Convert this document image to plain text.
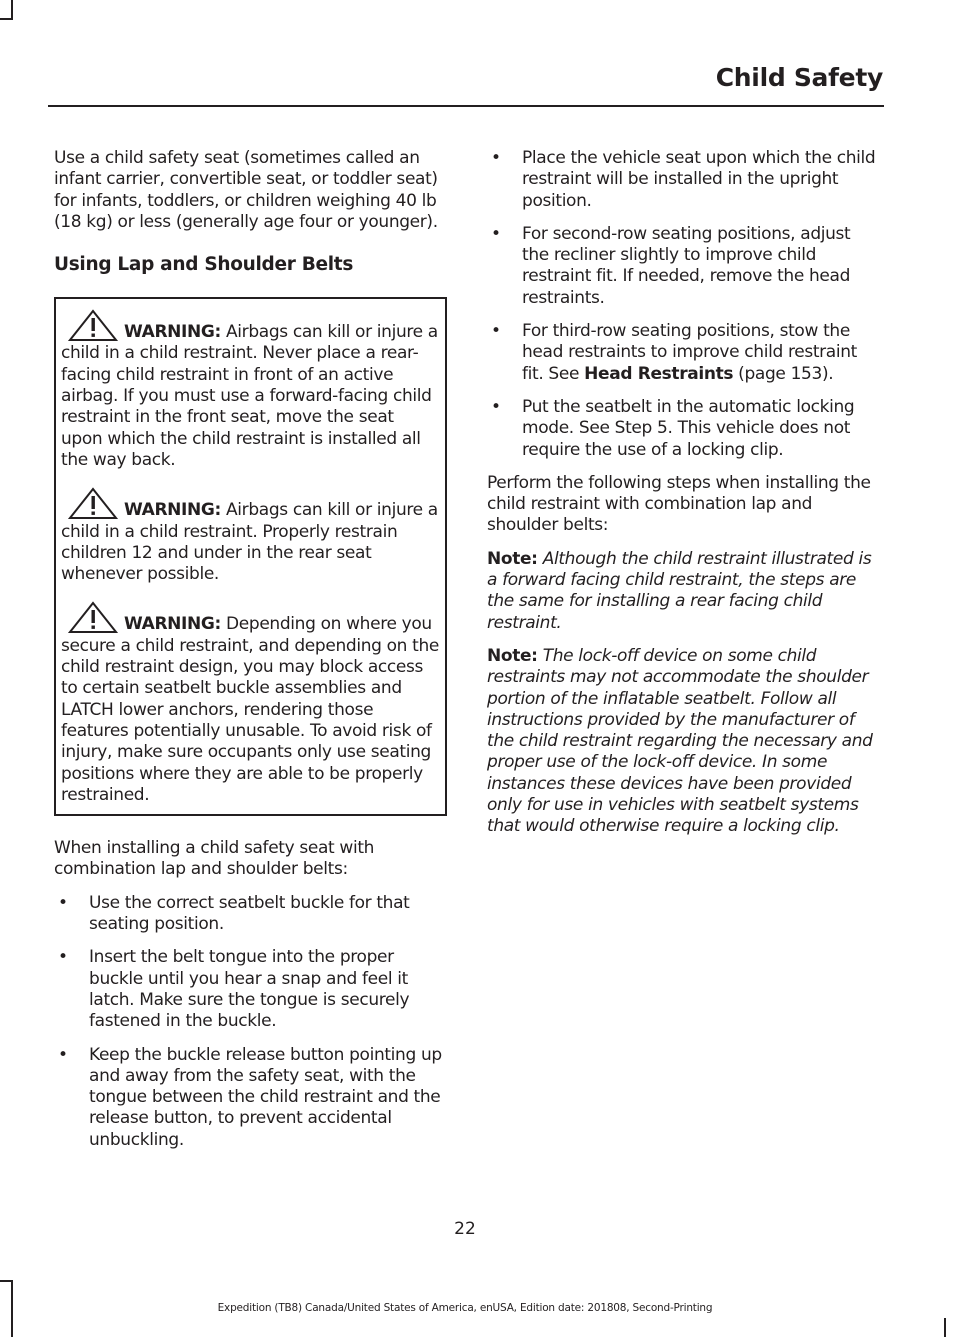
Child Safety

Use a child safety seat (sometimes called an infant carrier, convertible seat, or toddler seat) for infants, toddlers, or children weighing 40 lb (18 kg) or less (generally age four or younger).

Using Lap and Shoulder Belts
WARNING: Airbags can kill or injure a child in a child restraint. Never place a rear-facing child restraint in front of an active airbag. If you must use a forward-facing child restraint in the front seat, move the seat upon which the child restraint is installed all the way back.
WARNING: Airbags can kill or injure a child in a child restraint. Properly restrain children 12 and under in the rear seat whenever possible.
WARNING: Depending on where you secure a child restraint, and depending on the child restraint design, you may block access to certain seatbelt buckle assemblies and LATCH lower anchors, rendering those features potentially unusable. To avoid risk of injury, make sure occupants only use seating positions where they are able to be properly restrained.

When installing a child safety seat with combination lap and shoulder belts:

• Use the correct seatbelt buckle for that seating position.
• Insert the belt tongue into the proper buckle until you hear a snap and feel it latch. Make sure the tongue is securely fastened in the buckle.
• Keep the buckle release button pointing up and away from the safety seat, with the tongue between the child restraint and the release button, to prevent accidental unbuckling.
• Place the vehicle seat upon which the child restraint will be installed in the upright position.
• For second-row seating positions, adjust the recliner slightly to improve child restraint fit. If needed, remove the head restraints.
• For third-row seating positions, stow the head restraints to improve child restraint fit. See Head Restraints (page 153).
• Put the seatbelt in the automatic locking mode. See Step 5. This vehicle does not require the use of a locking clip.

Perform the following steps when installing the child restraint with combination lap and shoulder belts:

Note: Although the child restraint illustrated is a forward facing child restraint, the steps are the same for installing a rear facing child restraint.

Note: The lock-off device on some child restraints may not accommodate the shoulder portion of the inflatable seatbelt. Follow all instructions provided by the manufacturer of the child restraint regarding the necessary and proper use of the lock-off device. In some instances these devices have been provided only for use in vehicles with seatbelt systems that would otherwise require a locking clip.

22
Expedition (TB8) Canada/United States of America, enUSA, Edition date: 201808, Second-Printing
